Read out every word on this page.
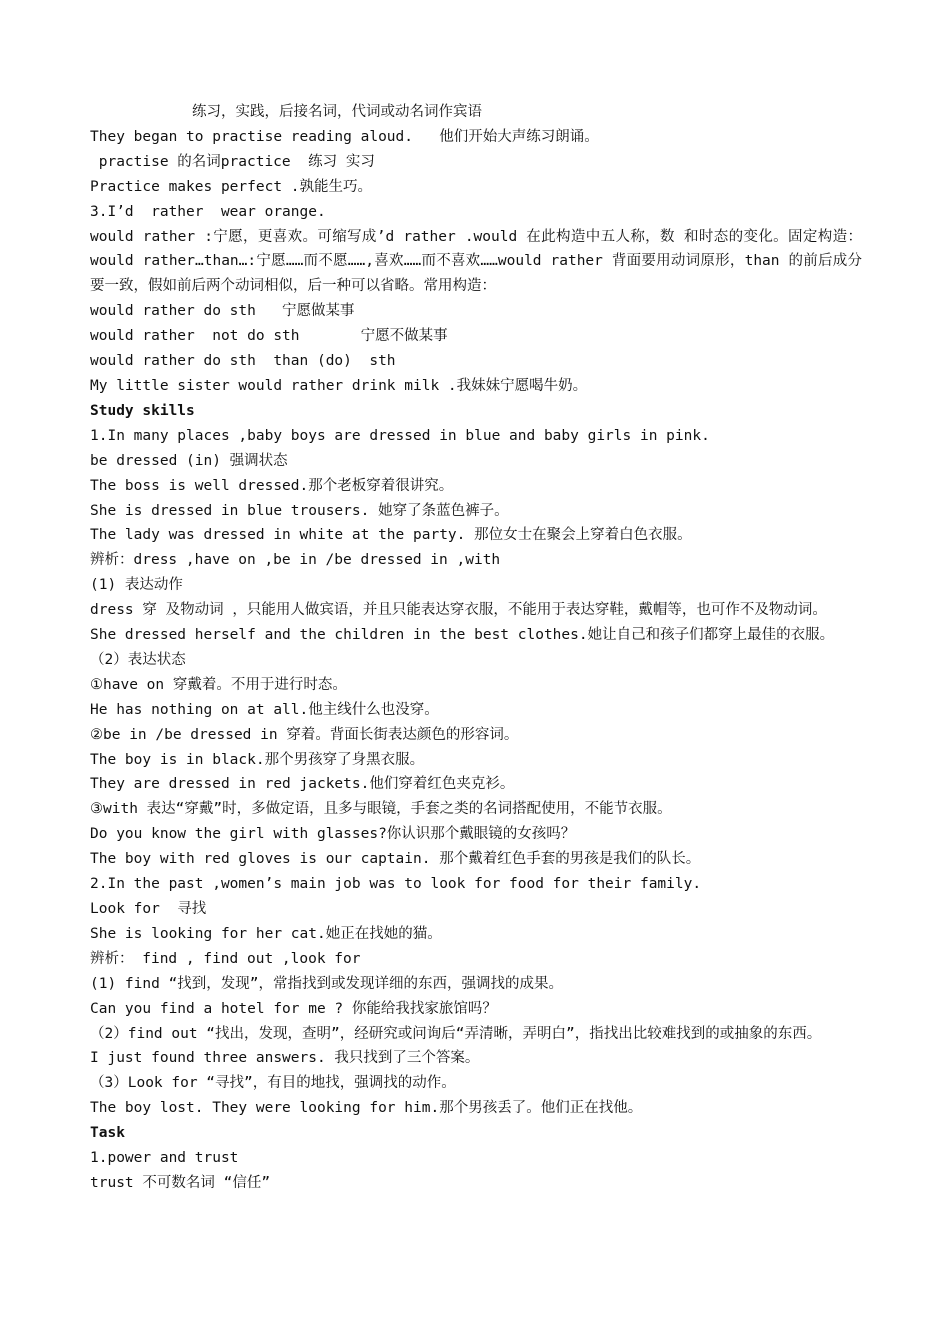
练习，实践，后接名词，代词或动名词作宾语
They began to practise reading aloud.   他们开始大声练习朗诵。
practise 的名词practice  练习 实习
Practice makes perfect .孰能生巧。
3.I’d  rather  wear orange.
would rather :宁愿，更喜欢。可缩写成’d rather .would 在此构造中五人称，数 和时态的变化。固定构造：would rather…than…:宁愿……而不愿……,喜欢……而不喜欢……would rather 背面要用动词原形，than 的前后成分要一致，假如前后两个动词相似，后一种可以省略。常用构造：
would rather do sth   宁愿做某事
would rather  not do sth       宁愿不做某事
would rather do sth  than (do)  sth
My little sister would rather drink milk .我妹妹宁愿喝牛奶。
Study skills
1.In many places ,baby boys are dressed in blue and baby girls in pink.
be dressed (in) 强调状态
The boss is well dressed.那个老板穿着很讲究。
She is dressed in blue trousers. 她穿了条蓝色裤子。
The lady was dressed in white at the party. 那位女士在聚会上穿着白色衣服。
辨析：dress ,have on ,be in /be dressed in ,with
(1) 表达动作
dress 穿 及物动词 ，只能用人做宾语，并且只能表达穿衣服，不能用于表达穿鞋，戴帽等，也可作不及物动词。
She dressed herself and the children in the best clothes.她让自己和孩子们都穿上最佳的衣服。
（2）表达状态
①have on 穿戴着。不用于进行时态。
He has nothing on at all.他主线什么也没穿。
②be in /be dressed in 穿着。背面长街表达颜色的形容词。
The boy is in black.那个男孩穿了身黑衣服。
They are dressed in red jackets.他们穿着红色夹克衫。
③with 表达“穿戴”时，多做定语，且多与眼镜，手套之类的名词搭配使用，不能节衣服。
Do you know the girl with glasses?你认识那个戴眼镜的女孩吗？
The boy with red gloves is our captain. 那个戴着红色手套的男孩是我们的队长。
2.In the past ,women’s main job was to look for food for their family.
Look for  寻找
She is looking for her cat.她正在找她的猫。
辨析： find , find out ,look for
(1) find “找到，发现”，常指找到或发现详细的东西，强调找的成果。
Can you find a hotel for me ? 你能给我找家旅馆吗？
（2）find out “找出，发现，查明”，经研究或问询后“弄清晰，弄明白”，指找出比较难找到的或抽象的东西。
I just found three answers. 我只找到了三个答案。
（3）Look for “寻找”，有目的地找，强调找的动作。
The boy lost. They were looking for him.那个男孩丢了。他们正在找他。
Task
1.power and trust
trust 不可数名词 “信任”
